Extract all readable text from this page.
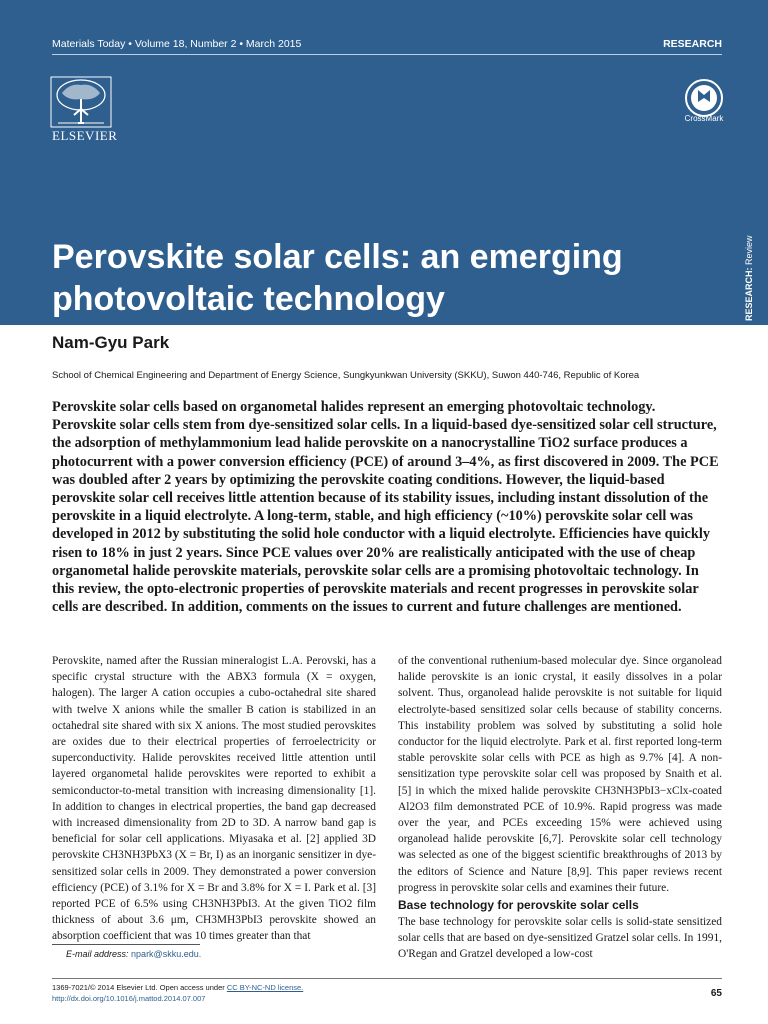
Materials Today • Volume 18, Number 2 • March 2015	RESEARCH
ELSEVIER
CrossMark
RESEARCH: Review
Perovskite solar cells: an emerging photovoltaic technology
Nam-Gyu Park
School of Chemical Engineering and Department of Energy Science, Sungkyunkwan University (SKKU), Suwon 440-746, Republic of Korea

Perovskite solar cells based on organometal halides represent an emerging photovoltaic technology. Perovskite solar cells stem from dye-sensitized solar cells. In a liquid-based dye-sensitized solar cell structure, the adsorption of methylammonium lead halide perovskite on a nanocrystalline TiO2 surface produces a photocurrent with a power conversion efficiency (PCE) of around 3–4%, as first discovered in 2009. The PCE was doubled after 2 years by optimizing the perovskite coating conditions. However, the liquid-based perovskite solar cell receives little attention because of its stability issues, including instant dissolution of the perovskite in a liquid electrolyte. A long-term, stable, and high efficiency (~10%) perovskite solar cell was developed in 2012 by substituting the solid hole conductor with a liquid electrolyte. Efficiencies have quickly risen to 18% in just 2 years. Since PCE values over 20% are realistically anticipated with the use of cheap organometal halide perovskite materials, perovskite solar cells are a promising photovoltaic technology. In this review, the opto-electronic properties of perovskite materials and recent progresses in perovskite solar cells are described. In addition, comments on the issues to current and future challenges are mentioned.

Perovskite, named after the Russian mineralogist L.A. Perovski, has a specific crystal structure with the ABX3 formula (X = oxygen, halogen). The larger A cation occupies a cubo-octahedral site shared with twelve X anions while the smaller B cation is stabilized in an octahedral site shared with six X anions. The most studied perovskites are oxides due to their electrical properties of ferroelectricity or superconductivity. Halide perovskites received little attention until layered organometal halide perovskites were reported to exhibit a semiconductor-to-metal transition with increasing dimensionality [1]. In addition to changes in electrical properties, the band gap decreased with increased dimensionality from 2D to 3D. A narrow band gap is beneficial for solar cell applications. Miyasaka et al. [2] applied 3D perovskite CH3NH3PbX3 (X = Br, I) as an inorganic sensitizer in dye-sensitized solar cells in 2009. They demonstrated a power conversion efficiency (PCE) of 3.1% for X = Br and 3.8% for X = I. Park et al. [3] reported PCE of 6.5% using CH3NH3PbI3. At the given TiO2 film thickness of about 3.6 μm, CH3MH3PbI3 perovskite showed an absorption coefficient that was 10 times greater than that

of the conventional ruthenium-based molecular dye. Since organolead halide perovskite is an ionic crystal, it easily dissolves in a polar solvent. Thus, organolead halide perovskite is not suitable for liquid electrolyte-based sensitized solar cells because of stability concerns. This instability problem was solved by substituting a solid hole conductor for the liquid electrolyte. Park et al. first reported long-term stable perovskite solar cells with PCE as high as 9.7% [4]. A non-sensitization type perovskite solar cell was proposed by Snaith et al. [5] in which the mixed halide perovskite CH3NH3PbI3−xClx-coated Al2O3 film demonstrated PCE of 10.9%. Rapid progress was made over the year, and PCEs exceeding 15% were achieved using organolead halide perovskite [6,7]. Perovskite solar cell technology was selected as one of the biggest scientific breakthroughs of 2013 by the editors of Science and Nature [8,9]. This paper reviews recent progress in perovskite solar cells and examines their future.

Base technology for perovskite solar cells

The base technology for perovskite solar cells is solid-state sensitized solar cells that are based on dye-sensitized Gratzel solar cells. In 1991, O'Regan and Gratzel developed a low-cost

E-mail address: npark@skku.edu.
1369-7021/© 2014 Elsevier Ltd. Open access under CC BY-NC-ND license.
http://dx.doi.org/10.1016/j.mattod.2014.07.007	65
